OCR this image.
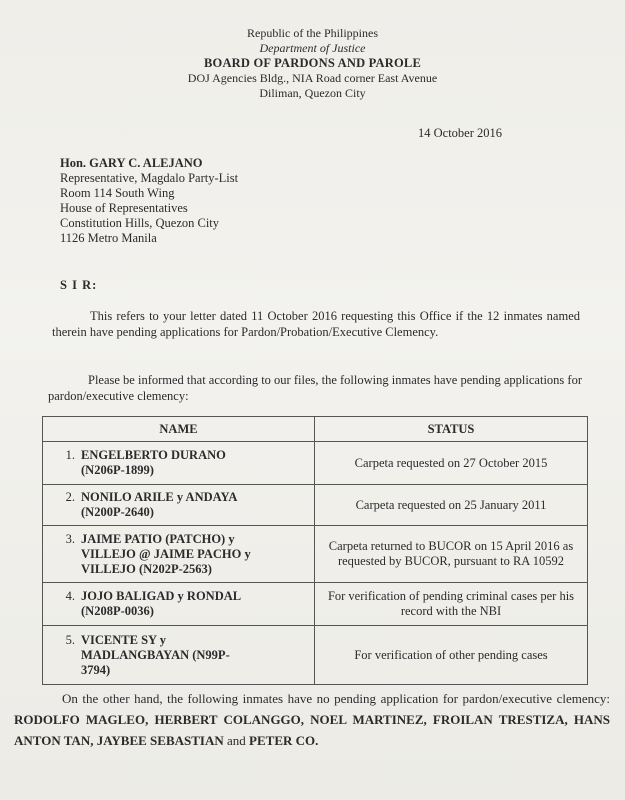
Republic of the Philippines
Department of Justice
BOARD OF PARDONS AND PAROLE
DOJ Agencies Bldg., NIA Road corner East Avenue
Diliman, Quezon City
14 October 2016
Hon. GARY C. ALEJANO
Representative, Magdalo Party-List
Room 114 South Wing
House of Representatives
Constitution Hills, Quezon City
1126 Metro Manila
S I R:
This refers to your letter dated 11 October 2016 requesting this Office if the 12 inmates named therein have pending applications for Pardon/Probation/Executive Clemency.
Please be informed that according to our files, the following inmates have pending applications for pardon/executive clemency:
NAME	STATUS
1. ENGELBERTO DURANO
(N206P-1899)	Carpeta requested on 27 October 2015
2. NONILO ARILE y ANDAYA
(N200P-2640)	Carpeta requested on 25 January 2011
3. JAIME PATIO (PATCHO) y
VILLEJO @ JAIME PACHO y
VILLEJO (N202P-2563)	Carpeta returned to BUCOR on 15 April 2016 as requested by BUCOR, pursuant to RA 10592
4. JOJO BALIGAD y RONDAL
(N208P-0036)	For verification of pending criminal cases per his record with the NBI
5. VICENTE SY y
MADLANGBAYAN (N99P-
3794)	For verification of other pending cases
On the other hand, the following inmates have no pending application for pardon/executive clemency: RODOLFO MAGLEO, HERBERT COLANGGO, NOEL MARTINEZ, FROILAN TRESTIZA, HANS ANTON TAN, JAYBEE SEBASTIAN and PETER CO.
